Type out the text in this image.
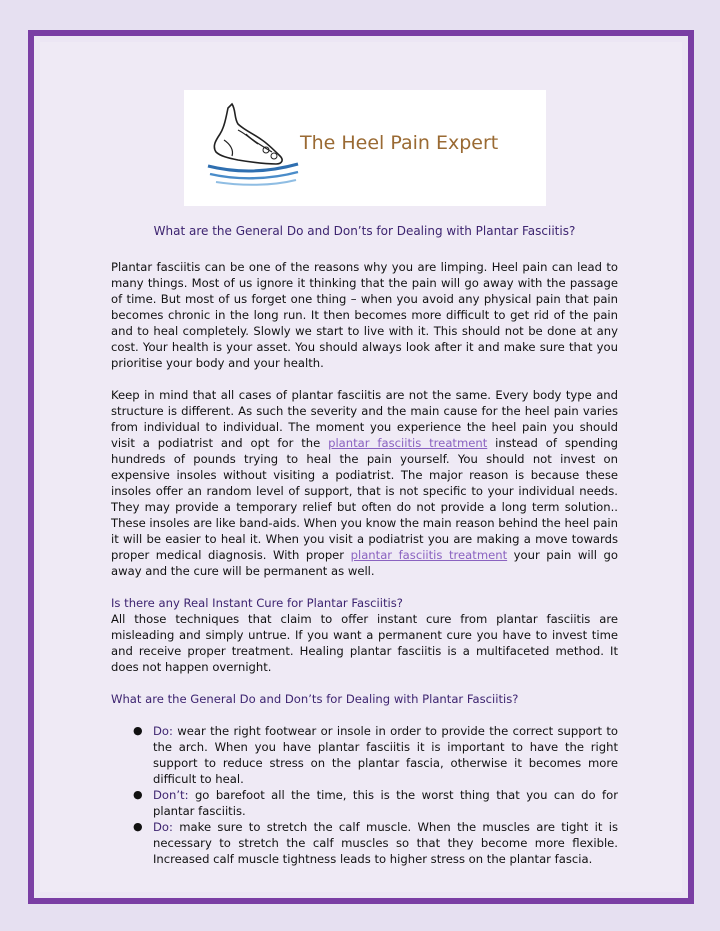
The Heel Pain Expert
What are the General Do and Don’ts for Dealing with Plantar Fasciitis?

Plantar fasciitis can be one of the reasons why you are limping. Heel pain can lead to many things. Most of us ignore it thinking that the pain will go away with the passage of time. But most of us forget one thing – when you avoid any physical pain that pain becomes chronic in the long run. It then becomes more difficult to get rid of the pain and to heal completely. Slowly we start to live with it. This should not be done at any cost. Your health is your asset. You should always look after it and make sure that you prioritise your body and your health.

Keep in mind that all cases of plantar fasciitis are not the same. Every body type and structure is different. As such the severity and the main cause for the heel pain varies from individual to individual. The moment you experience the heel pain you should visit a podiatrist and opt for the plantar fasciitis treatment instead of spending hundreds of pounds trying to heal the pain yourself. You should not invest on expensive insoles without visiting a podiatrist. The major reason is because these insoles offer an random level of support, that is not specific to your individual needs. They may provide a temporary relief but often do not provide a long term solution.. These insoles are like band-aids. When you know the main reason behind the heel pain it will be easier to heal it. When you visit a podiatrist you are making a move towards proper medical diagnosis. With proper plantar fasciitis treatment your pain will go away and the cure will be permanent as well.

Is there any Real Instant Cure for Plantar Fasciitis?

All those techniques that claim to offer instant cure from plantar fasciitis are misleading and simply untrue. If you want a permanent cure you have to invest time and receive proper treatment. Healing plantar fasciitis is a multifaceted method. It does not happen overnight.

What are the General Do and Don’ts for Dealing with Plantar Fasciitis?
● Do: wear the right footwear or insole in order to provide the correct support to the arch. When you have plantar fasciitis it is important to have the right support to reduce stress on the plantar fascia, otherwise it becomes more difficult to heal.
● Don’t: go barefoot all the time, this is the worst thing that you can do for plantar fasciitis.
● Do: make sure to stretch the calf muscle. When the muscles are tight it is necessary to stretch the calf muscles so that they become more flexible. Increased calf muscle tightness leads to higher stress on the plantar fascia.
